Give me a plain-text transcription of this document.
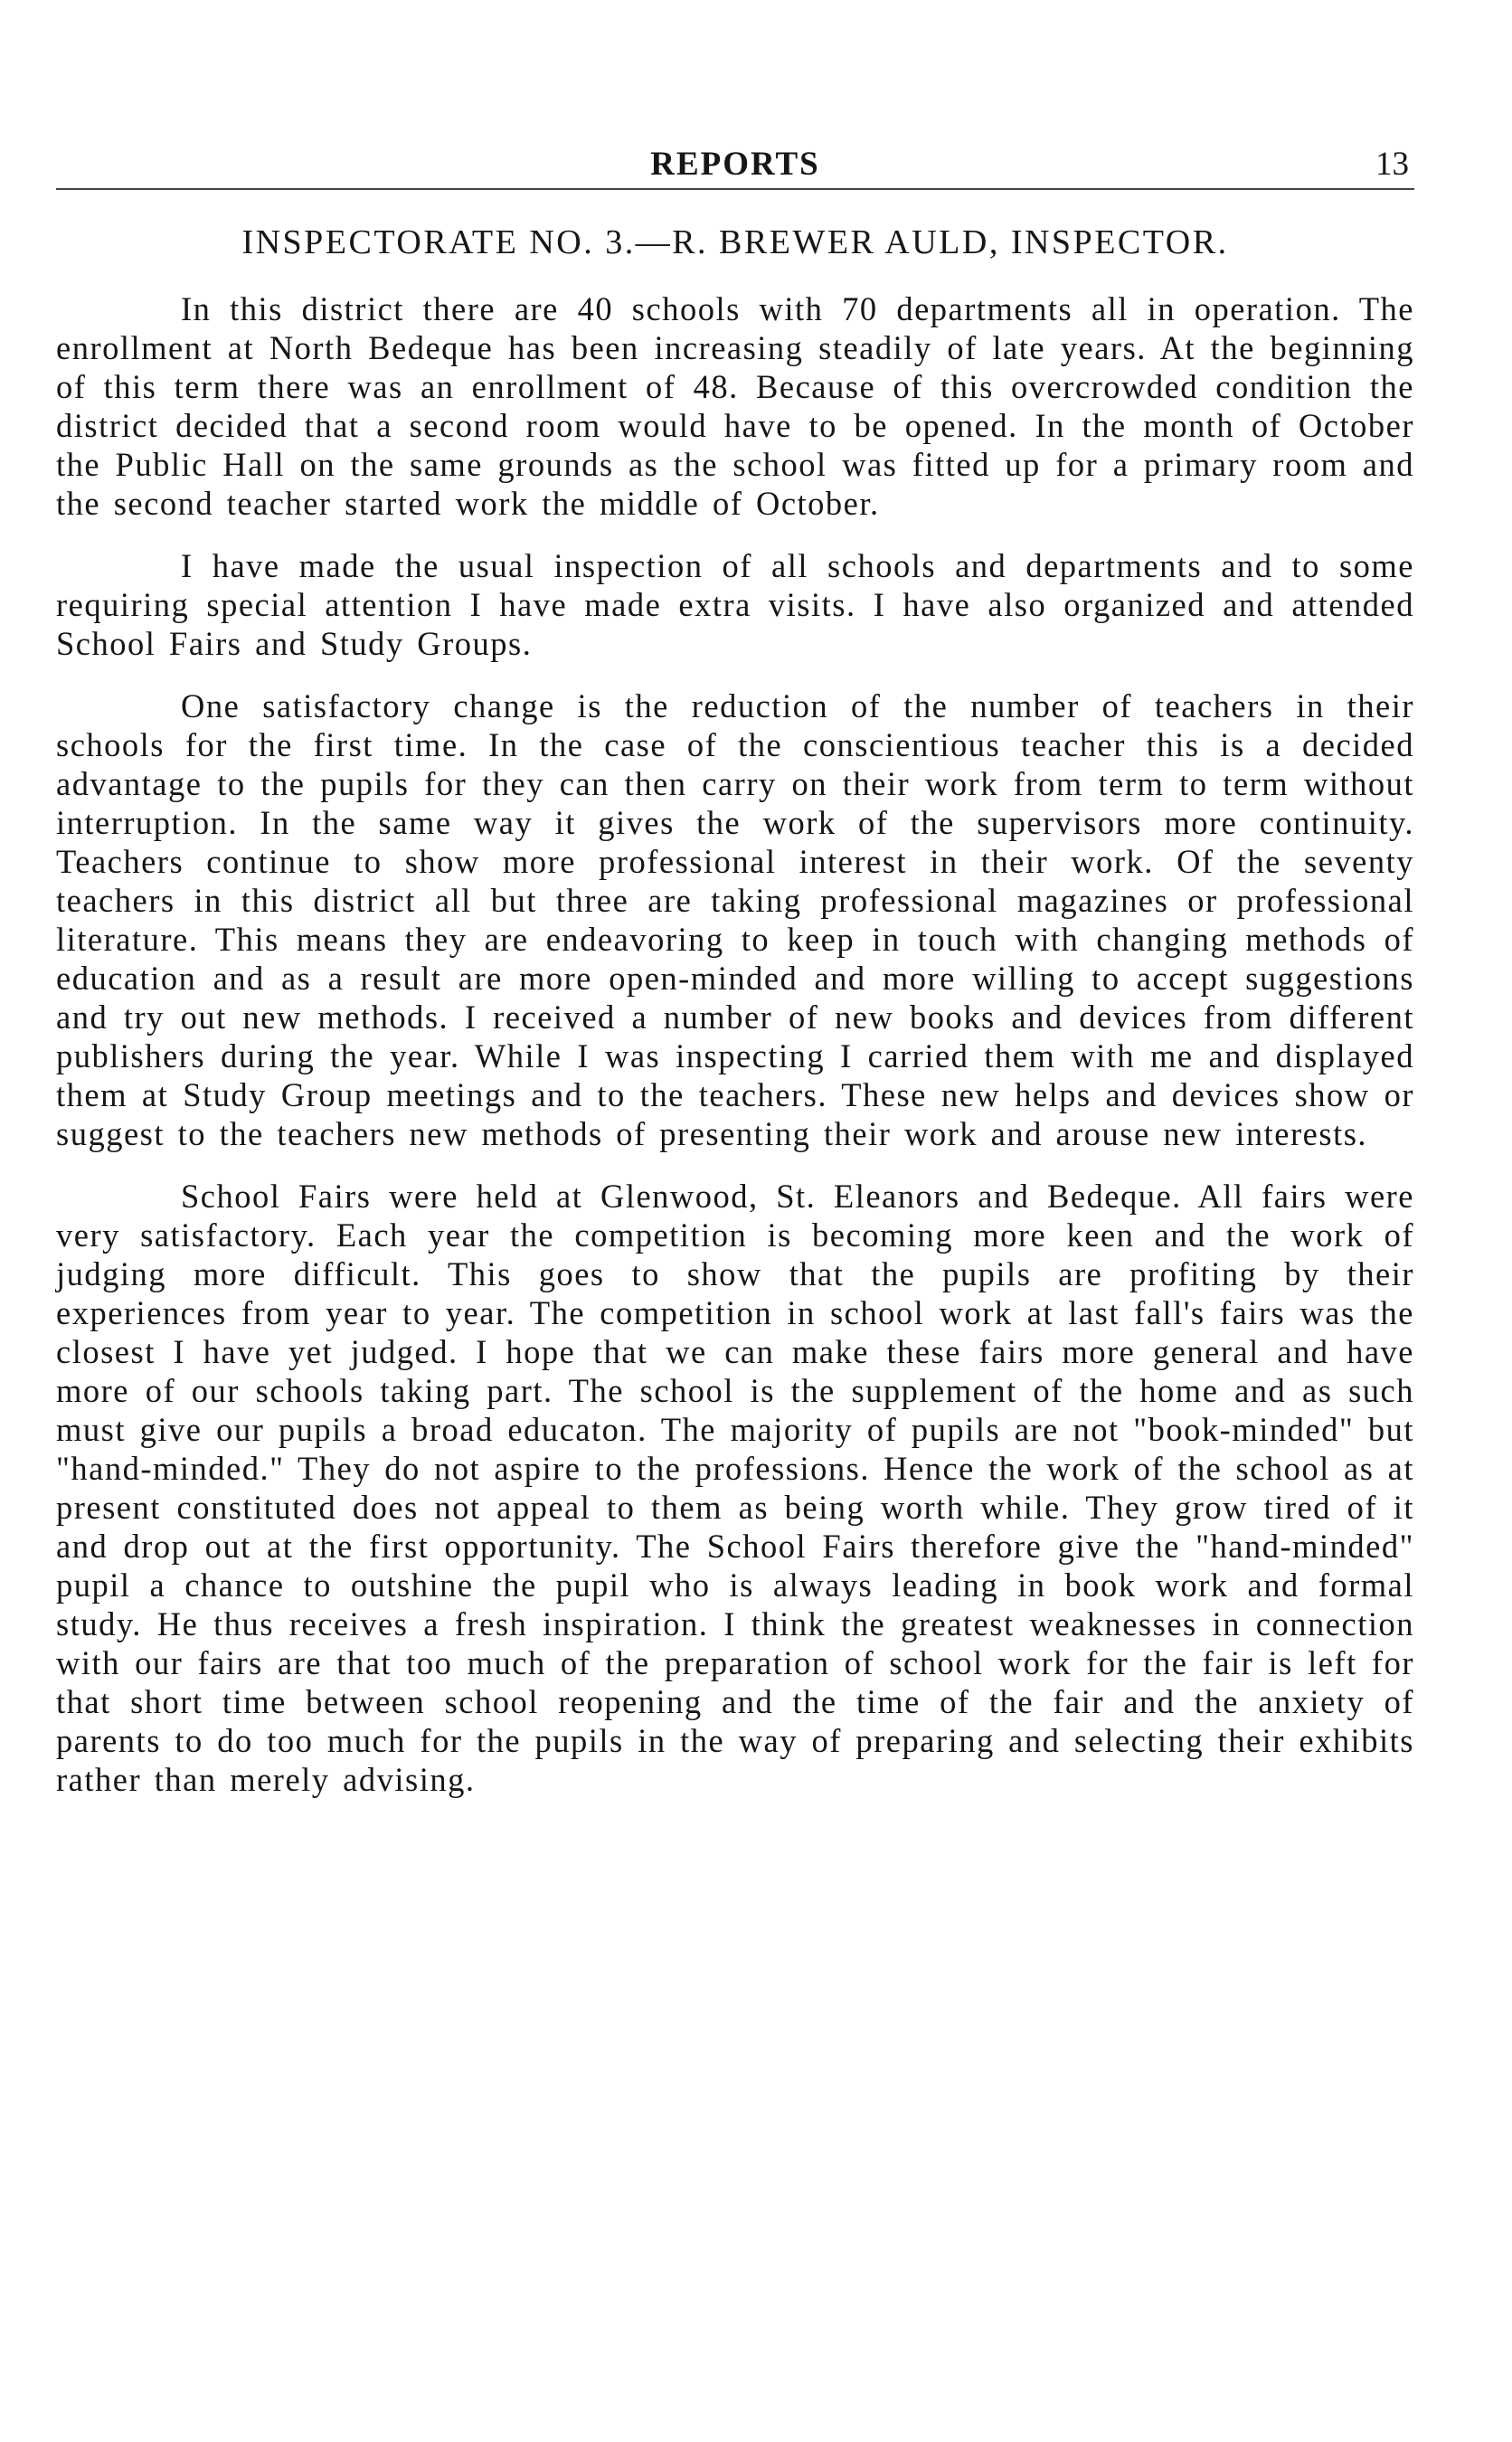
REPORTS	13
INSPECTORATE NO. 3.—R. BREWER AULD, INSPECTOR.

In this district there are 40 schools with 70 departments all in operation. The enrollment at North Bedeque has been increasing steadily of late years. At the beginning of this term there was an enrollment of 48. Because of this overcrowded condition the district decided that a second room would have to be opened. In the month of October the Public Hall on the same grounds as the school was fitted up for a primary room and the second teacher started work the middle of October.

I have made the usual inspection of all schools and departments and to some requiring special attention I have made extra visits. I have also organized and attended School Fairs and Study Groups.

One satisfactory change is the reduction of the number of teachers in their schools for the first time. In the case of the conscientious teacher this is a decided advantage to the pupils for they can then carry on their work from term to term without interruption. In the same way it gives the work of the supervisors more continuity. Teachers continue to show more professional interest in their work. Of the seventy teachers in this district all but three are taking professional magazines or professional literature. This means they are endeavoring to keep in touch with changing methods of education and as a result are more open-minded and more willing to accept suggestions and try out new methods. I received a number of new books and devices from different publishers during the year. While I was inspecting I carried them with me and displayed them at Study Group meetings and to the teachers. These new helps and devices show or suggest to the teachers new methods of presenting their work and arouse new interests.

School Fairs were held at Glenwood, St. Eleanors and Bedeque. All fairs were very satisfactory. Each year the competition is becoming more keen and the work of judging more difficult. This goes to show that the pupils are profiting by their experiences from year to year. The competition in school work at last fall's fairs was the closest I have yet judged. I hope that we can make these fairs more general and have more of our schools taking part. The school is the supplement of the home and as such must give our pupils a broad educaton. The majority of pupils are not "book-minded" but "hand-minded." They do not aspire to the professions. Hence the work of the school as at present constituted does not appeal to them as being worth while. They grow tired of it and drop out at the first opportunity. The School Fairs therefore give the "hand-minded" pupil a chance to outshine the pupil who is always leading in book work and formal study. He thus receives a fresh inspiration. I think the greatest weaknesses in connection with our fairs are that too much of the preparation of school work for the fair is left for that short time between school reopening and the time of the fair and the anxiety of parents to do too much for the pupils in the way of preparing and selecting their exhibits rather than merely advising.
